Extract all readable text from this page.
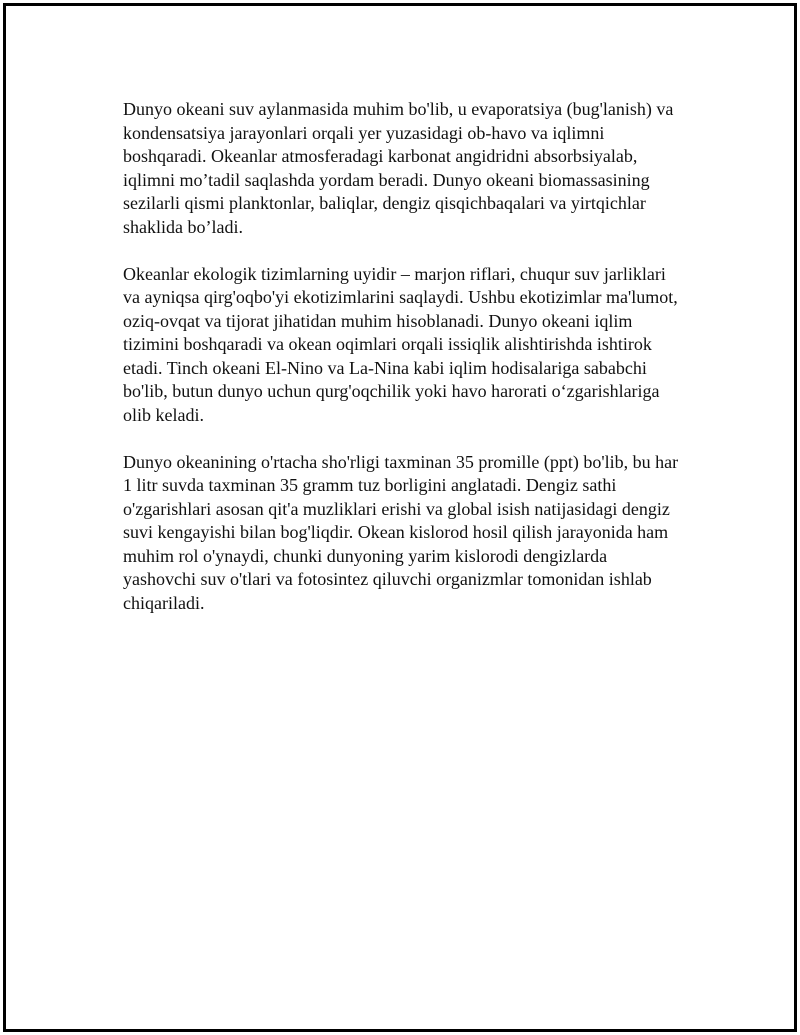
Dunyo okeani suv aylanmasida muhim bo'lib, u evaporatsiya (bug'lanish) va
kondensatsiya jarayonlari orqali yer yuzasidagi ob-havo va iqlimni
boshqaradi. Okeanlar atmosferadagi karbonat angidridni absorbsiyalab,
iqlimni mo’tadil saqlashda yordam beradi. Dunyo okeani biomassasining
sezilarli qismi planktonlar, baliqlar, dengiz qisqichbaqalari va yirtqichlar
shaklida bo’ladi.

Okeanlar ekologik tizimlarning uyidir – marjon riflari, chuqur suv jarliklari
va ayniqsa qirg'oqbo'yi ekotizimlarini saqlaydi. Ushbu ekotizimlar ma'lumot,
oziq-ovqat va tijorat jihatidan muhim hisoblanadi. Dunyo okeani iqlim
tizimini boshqaradi va okean oqimlari orqali issiqlik alishtirishda ishtirok
etadi. Tinch okeani El-Nino va La-Nina kabi iqlim hodisalariga sababchi
bo'lib, butun dunyo uchun qurg'oqchilik yoki havo harorati o‘zgarishlariga
olib keladi.

Dunyo okeanining o'rtacha sho'rligi taxminan 35 promille (ppt) bo'lib, bu har
1 litr suvda taxminan 35 gramm tuz borligini anglatadi. Dengiz sathi
o'zgarishlari asosan qit'a muzliklari erishi va global isish natijasidagi dengiz
suvi kengayishi bilan bog'liqdir. Okean kislorod hosil qilish jarayonida ham
muhim rol o'ynaydi, chunki dunyoning yarim kislorodi dengizlarda
yashovchi suv o'tlari va fotosintez qiluvchi organizmlar tomonidan ishlab
chiqariladi.
